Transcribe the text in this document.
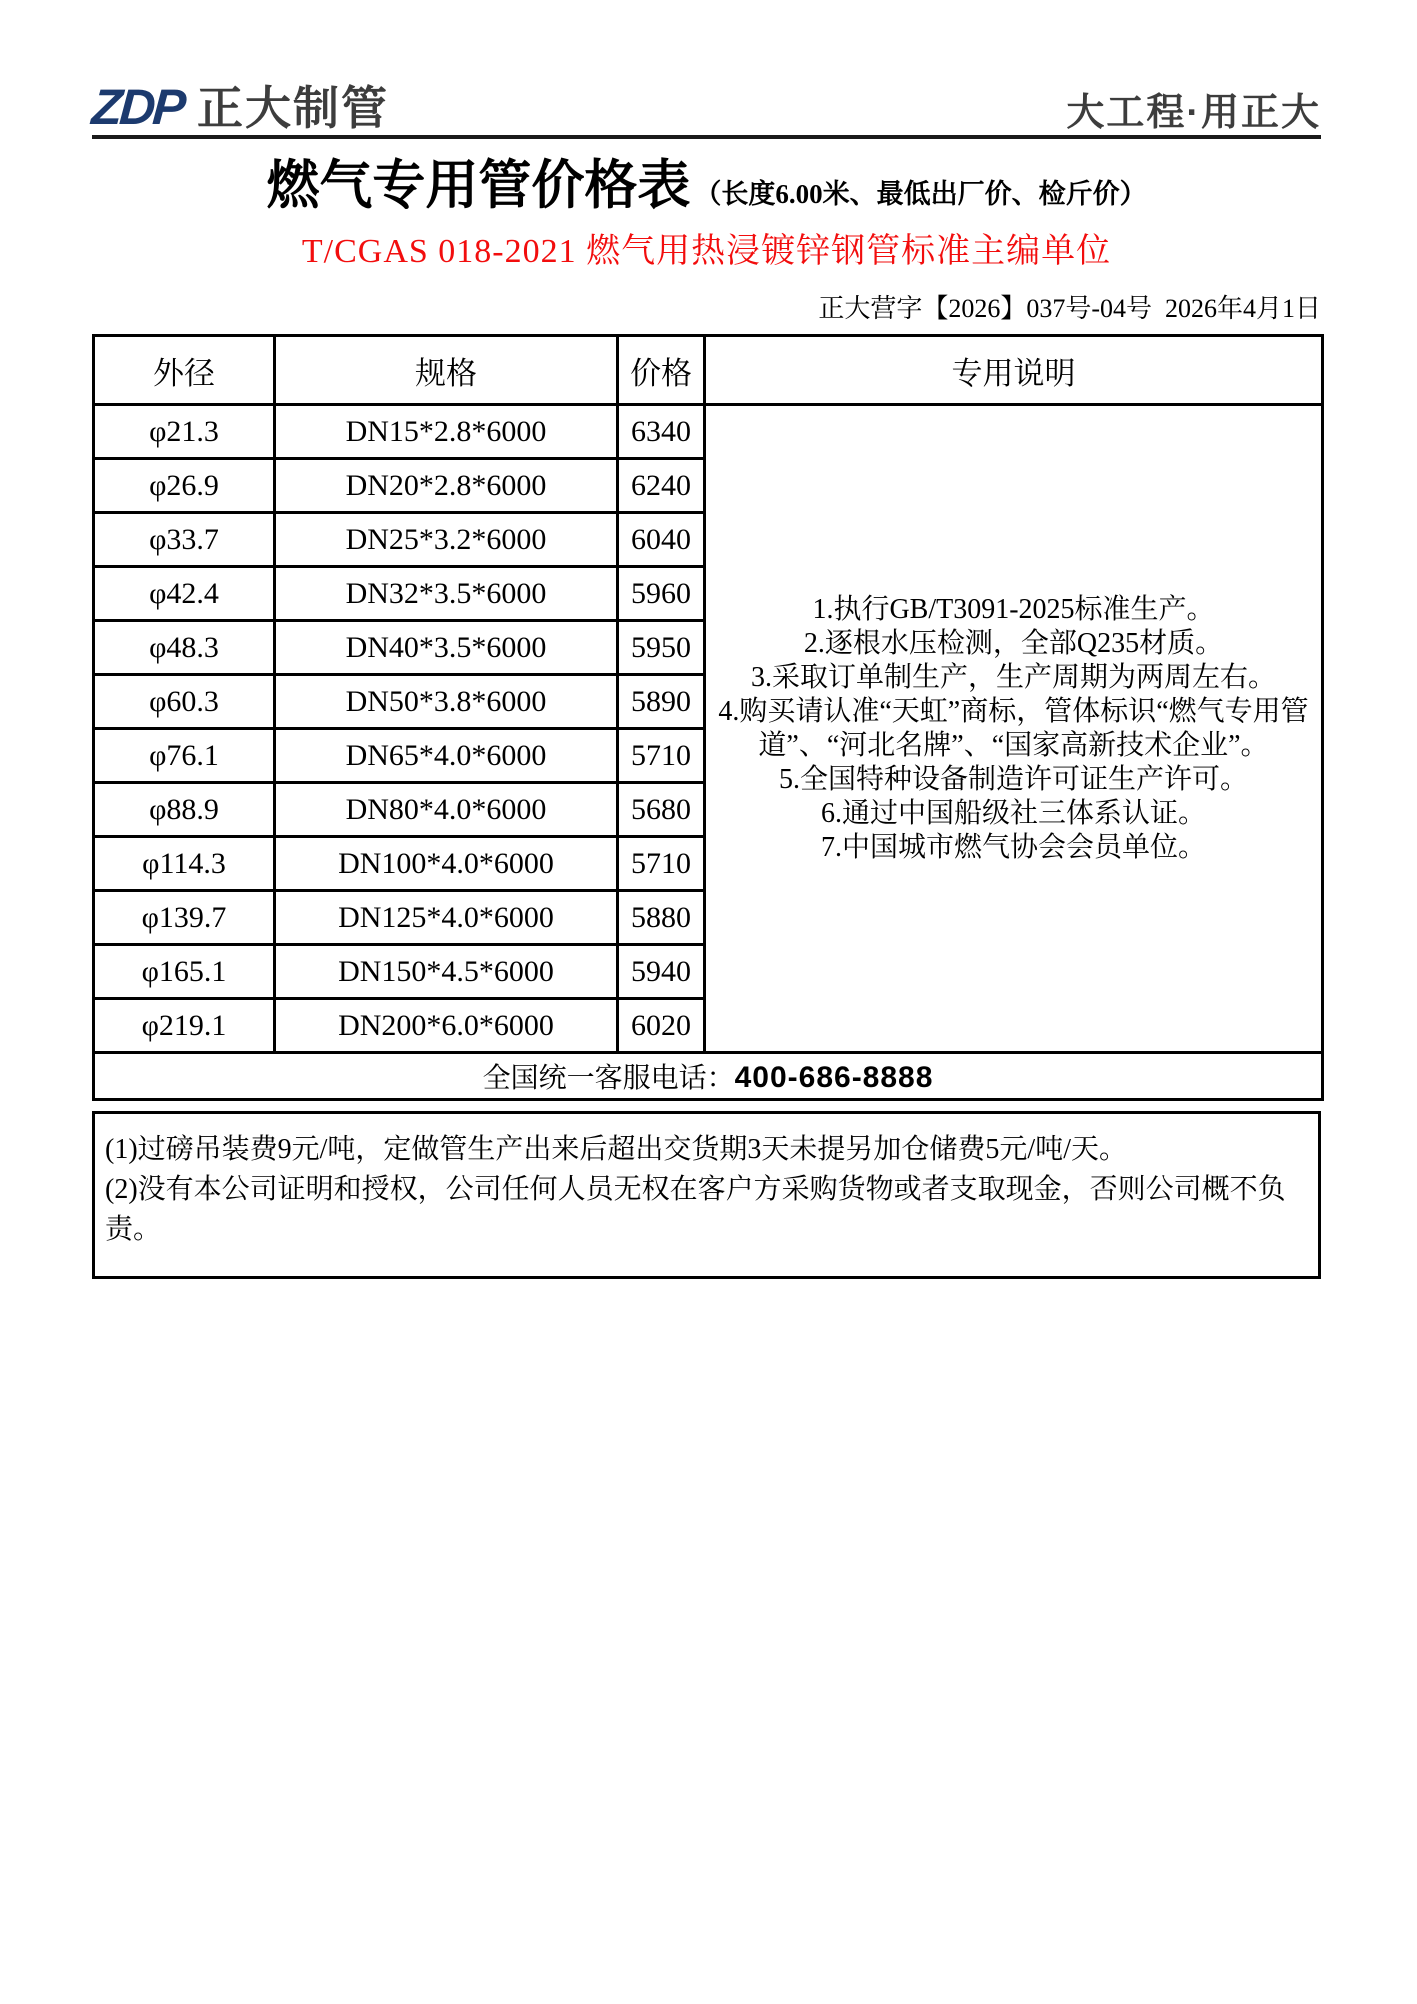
ZDP 正大制管	大工程·用正大
燃气专用管价格表 （长度6.00米、最低出厂价、检斤价）
T/CGAS 018-2021 燃气用热浸镀锌钢管标准主编单位
正大营字【2026】037号-04号  2026年4月1日
外径	规格	价格	专用说明
φ21.3	DN15*2.8*6000	6340	
1.执行GB/T3091-2025标准生产。
2.逐根水压检测，全部Q235材质。
3.采取订单制生产，生产周期为两周左右。
4.购买请认准“天虹”商标，管体标识“燃气专用管道”、“河北名牌”、“国家高新技术企业”。
5.全国特种设备制造许可证生产许可。
6.通过中国船级社三体系认证。
7.中国城市燃气协会会员单位。

φ26.9	DN20*2.8*6000	6240	
φ33.7	DN25*3.2*6000	6040	
φ42.4	DN32*3.5*6000	5960	
φ48.3	DN40*3.5*6000	5950	
φ60.3	DN50*3.8*6000	5890	
φ76.1	DN65*4.0*6000	5710	
φ88.9	DN80*4.0*6000	5680	
φ114.3	DN100*4.0*6000	5710	
φ139.7	DN125*4.0*6000	5880	
φ165.1	DN150*4.5*6000	5940	
φ219.1	DN200*6.0*6000	6020	
全国统一客服电话：400-686-8888			
(1)过磅吊装费9元/吨，定做管生产出来后超出交货期3天未提另加仓储费5元/吨/天。
(2)没有本公司证明和授权，公司任何人员无权在客户方采购货物或者支取现金，否则公司概不负责。
